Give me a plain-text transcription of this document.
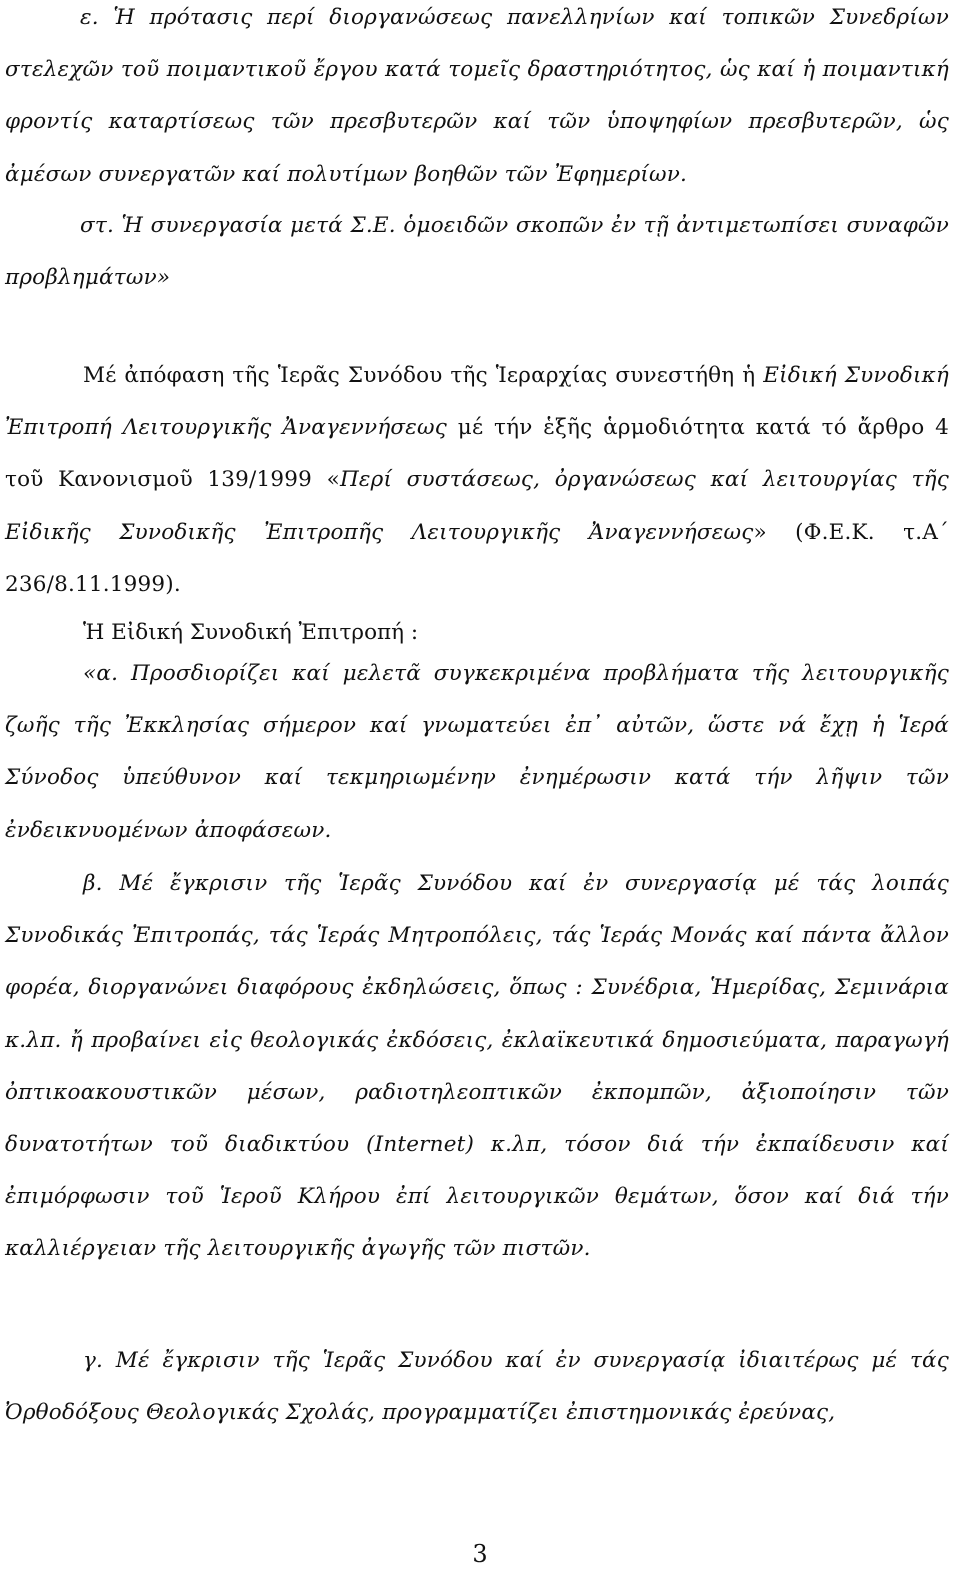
ε. Ἡ πρότασις περί διοργανώσεως πανελληνίων καί τοπικῶν Συνεδρίων στελεχῶν τοῦ ποιμαντικοῦ ἔργου κατά τομεῖς δραστηριότητος, ὡς καί ἡ ποιμαντική φροντίς καταρτίσεως τῶν πρεσβυτερῶν καί τῶν ὑποψηφίων πρεσβυτερῶν, ὡς ἀμέσων συνεργατῶν καί πολυτίμων βοηθῶν τῶν Ἐφημερίων.

στ. Ἡ συνεργασία μετά Σ.Ε. ὁμοειδῶν σκοπῶν ἐν τῇ ἀντιμετωπίσει συναφῶν προβλημάτων»

Μέ ἀπόφαση τῆς Ἱερᾶς Συνόδου τῆς Ἱεραρχίας συνεστήθη ἡ Εἰδική Συνοδική Ἐπιτροπή Λειτουργικῆς Ἀναγεννήσεως μέ τήν ἑξῆς ἁρμοδιότητα κατά τό ἄρθρο 4 τοῦ Κανονισμοῦ 139/1999 «Περί συστάσεως, ὀργανώσεως καί λειτουργίας τῆς Εἰδικῆς Συνοδικῆς Ἐπιτροπῆς Λειτουργικῆς Ἀναγεννήσεως» (Φ.Ε.Κ. τ.Α΄ 236/8.11.1999).

Ἡ Εἰδική Συνοδική Ἐπιτροπή :

«α. Προσδιορίζει καί μελετᾶ συγκεκριμένα προβλήματα τῆς λειτουργικῆς ζωῆς τῆς Ἐκκλησίας σήμερον καί γνωματεύει ἐπ᾿ αὐτῶν, ὥστε νά ἔχῃ ἡ Ἱερά Σύνοδος ὑπεύθυνον καί τεκμηριωμένην ἐνημέρωσιν κατά τήν λῆψιν τῶν ἐνδεικνυομένων ἀποφάσεων.

β. Μέ ἔγκρισιν τῆς Ἱερᾶς Συνόδου καί ἐν συνεργασίᾳ μέ τάς λοιπάς Συνοδικάς Ἐπιτροπάς, τάς Ἱεράς Μητροπόλεις, τάς Ἱεράς Μονάς καί πάντα ἄλλον φορέα, διοργανώνει διαφόρους ἐκδηλώσεις, ὅπως : Συνέδρια, Ἡμερίδας, Σεμινάρια κ.λπ. ἤ προβαίνει εἰς θεολογικάς ἐκδόσεις, ἐκλαϊκευτικά δημοσιεύματα, παραγωγή ὀπτικοακουστικῶν μέσων, ραδιοτηλεοπτικῶν ἐκπομπῶν, ἀξιοποίησιν τῶν δυνατοτήτων τοῦ διαδικτύου (Internet) κ.λπ, τόσον διά τήν ἐκπαίδευσιν καί ἐπιμόρφωσιν τοῦ Ἱεροῦ Κλήρου ἐπί λειτουργικῶν θεμάτων, ὅσον καί διά τήν καλλιέργειαν τῆς λειτουργικῆς ἀγωγῆς τῶν πιστῶν.

γ. Μέ ἔγκρισιν τῆς Ἱερᾶς Συνόδου καί ἐν συνεργασίᾳ ἰδιαιτέρως μέ τάς Ὀρθοδόξους Θεολογικάς Σχολάς, προγραμματίζει ἐπιστημονικάς ἐρεύνας,

3
